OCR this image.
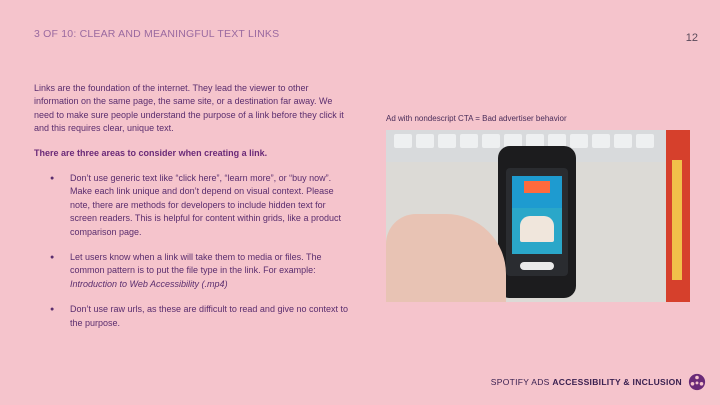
3 OF 10: CLEAR AND MEANINGFUL TEXT LINKS	12

Links are the foundation of the internet. They lead the viewer to other information on the same page, the same site, or a destination far away. We need to make sure people understand the purpose of a link before they click it and this requires clear, unique text.

There are three areas to consider when creating a link.

● Don’t use generic text like “click here”, “learn more”, or “buy now”. Make each link unique and don’t depend on visual context. Please note, there are methods for developers to include hidden text for screen readers. This is helpful for content within grids, like a product comparison page.
● Let users know when a link will take them to media or files. The common pattern is to put the file type in the link. For example:
Introduction to Web Accessibility (.mp4)
● Don’t use raw urls, as these are difficult to read and give no context to the purpose.
Ad with nondescript CTA = Bad advertiser behavior
SPOTIFY ADS ACCESSIBILITY & INCLUSION
